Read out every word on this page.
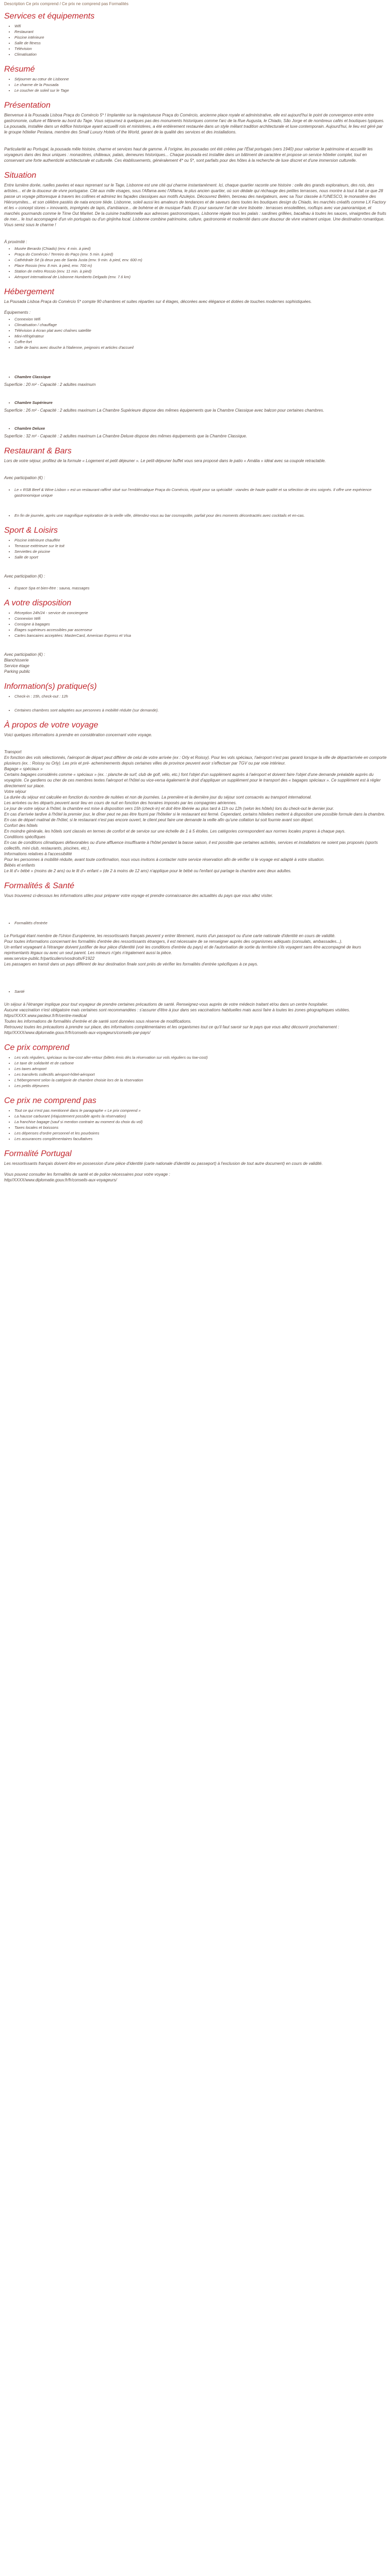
Description Ce prix comprend / Ce prix ne comprend pas Formalités
Services et équipements
• Wifi
• Restaurant
• Piscine intérieure
• Salle de fitness
• Télévision
• Climatisation
Résumé
• Séjourner au cœur de Lisbonne
• Le charme de la Pousada
• Le coucher de soleil sur le Tage
Présentation

Bienvenue à la Pousada Lisboa Praça do Comércio 5* ! Implantée sur la majestueuse Praça do Comércio, ancienne place royale et administrative, elle est aujourd'hui le point de convergence entre entre gastronomie, culture et flânerie au bord du Tage. Vous séjournez à quelques pas des monuments historiques comme l'arc de la Rue Augusta, le Chiado, São Jorge et de nombreux cafés et boutiques typiques. La pousada, installée dans un édifice historique ayant accueilli rois et ministères, a été entièrement restaurée dans un style mêlant tradition architecturale et luxe contemporain. Aujourd'hui, le lieu est géré par le groupe hôtelier Pestana, membre des Small Luxury Hotels of the World, garant de la qualité des services et des installations.

Particularité au Portugal, la pousada mêle histoire, charme et services haut de gamme. À l'origine, les pousadas ont été créées par l'État portugais (vers 1940) pour valoriser le patrimoine et accueillir les voyageurs dans des lieux uniques : monastères, châteaux, palais, demeures historiques... Chaque pousada est installée dans un bâtiment de caractère et propose un service hôtelier complet, tout en conservant une forte authenticité architecturale et culturelle. Ces établissements, généralement 4* ou 5*, sont parfaits pour des hôtes à la recherche de luxe discret et d'une immersion culturelle.

Situation

Entre lumière dorée, ruelles pavées et eaux reprenant sur le Tage, Lisbonne est une cité qui charme instantanément. Ici, chaque quartier raconte une histoire : celle des grands explorateurs, des rois, des artistes... et de la douceur de vivre portugaise. Cité aux mille visages, sous l'Alfama avec l'Alfama, le plus ancien quartier, où son dédale qui réchauge des petites terrasses, nous montre à tout à fait ce que 28 passe un voyage pittoresque à travers les collines et admirez les façades classiques aux motifs Azulejos. Découvrez Belém, berceau des navigateurs, avec sa Tour classée à l'UNESCO, le monastère des Hiéronymites... et son célèbre pastéis de nata encore tiède. Lisbonne, soleil aussi les amateurs de tendances et de saveurs dans toutes les boutiques design du Chiado, les marchés créatifs comme LX Factory et les « concept stores » innovants, imprégnés de tapis, d'ambiance... de bohème et de musique Fado. Et pour savourer l'art de vivre lisboète : terrasses ensoleillées, rooftops avec vue panoramique, et marchés gourmands comme le Time Out Market. De la cuisine traditionnelle aux adresses gastronomiques, Lisbonne régale tous les palais : sardines grillées, bacalhau à toutes les sauces, vinaigrettes de fruits de mer... le tout accompagné d'un vin portugais ou d'un ginjinha local. Lisbonne combine patrimoine, culture, gastronomie et modernité dans une douceur de vivre vraiment unique. Une destination romantique. Vous serez sous le charme !

À proximité :
• Musée Berardo (Chiado) (env. 4 min. à pied)
• Praça do Comércio / Terreiro do Paço (env. 5 min. à pied)
• Cathédrale Sé (à deux pas de Santa Justa (env. 9 min. à pied, env. 600 m)
• Place Rossio (env. 8 min. à pied, env. 700 m)
• Station de métro Rossio (env. 11 min. à pied)
• Aéroport international de Lisbonne Humberto Delgado (env. 7.6 km)
Hébergement

La Pousada Lisboa Praça do Comércio 5* compte 90 chambres et suites réparties sur 4 étages, décorées avec élégance et dotées de touches modernes sophistiquées.

Équipements :
• Connexion Wifi
• Climatisation / chauffage
• Télévision à écran plat avec chaînes satellite
• Mini-réfrigérateur
• Coffre-fort
• Salle de bains avec douche à l'italienne, peignoirs et articles d'accueil
• Chambre Classique

Superficie : 20 m² - Capacité : 2 adultes maximum

• Chambre Supérieure

Superficie : 26 m² - Capacité : 2 adultes maximum La Chambre Supérieure dispose des mêmes équipements que la Chambre Classique avec balcon pour certaines chambres.

• Chambre Deluxe

Superficie : 32 m² - Capacité : 2 adultes maximum La Chambre Deluxe dispose des mêmes équipements que la Chambre Classique.

Restaurant & Bars

Lors de votre séjour, profitez de la formule « Logement et petit déjeuner ». Le petit-déjeuner buffet vous sera proposé dans le patio « Amália » idéal avec sa coupole retractable.

Avec participation (€) :
• Le « RSB Beef & Wine Lisbon » est un restaurant raffiné situé sur l'emblématique Praça do Comércio, réputé pour sa spécialité : viandes de haute qualité et sa sélection de vins soignés. Il offre une expérience gastronomique unique
• En fin de journée, après une magnifique exploration de la vieille ville, détendez-vous au bar cosmopolite, parfait pour des moments décontractés avec cocktails et en-cas.
Sport & Loisirs
• Piscine intérieure chauffée
• Terrasse extérieure sur le toit
• Serviettes de piscine
• Salle de sport
Avec participation (€) :
• Espace Spa et bien-être : sauna, massages
A votre disposition
• Réception 24h/24 - service de conciergerie
• Connexion Wifi
• Consigne à bagages
• Étages supérieurs accessibles par ascenseur
• Cartes bancaires acceptées: MasterCard, American Express et Visa
Avec participation (€) :
Blanchisserie
Service étage
Parking public
Information(s) pratique(s)
• Check-in : 15h, check-out : 12h
• Certaines chambres sont adaptées aux personnes à mobilité réduite (sur demande).
À propos de votre voyage

Voici quelques informations à prendre en considération concernant votre voyage.

Transport
En fonction des vols sélectionnés, l'aéroport de départ peut différer de celui de votre arrivée (ex : Orly et Roissy). Pour les vols spéciaux, l'aéroport n'est pas garanti lorsque la ville de départ/arrivée en comporte plusieurs (ex. : Roissy ou Orly). Les prix et pré- acheminements depuis certaines villes de province peuvent avoir s'effectuer par TGV ou par voie intérieur.
Bagage « spéciaux »
Certains bagages considérés comme « spéciaux » (ex. : planche de surf, club de golf, vélo, etc.) font l'objet d'un supplément auprès à l'aéroport et doivent faire l'objet d'une demande préalable auprès du voyagiste. Ce gardiens ou cher de ces membres textes l'aéroport et l'hôtel ou vice-versa également le droit d'appliquer un supplément pour le transport des « bagages spéciaux ». Ce supplément est à régler directement sur place.
Votre séjour
La durée du séjour est calculée en fonction du nombre de nuitées et non de journées. La première et la dernière jour du séjour sont consacrés au transport international.
Les arrivées ou les départs peuvent avoir lieu en cours de nuit en fonction des horaires imposés par les compagnies aériennes.
Le jour de votre séjour à l'hôtel, la chambre est mise à disposition vers 15h (check-in) et doit être libérée au plus tard à 11h ou 12h (selon les hôtels) lors du check-out le dernier jour.
En cas d'arrivée tardive à l'hôtel la premier jour, le dîner peut ne pas être fourni par l'hôtelier si le restaurant est fermé. Cependant, certains hôteliers mettent à disposition une possible formule dans la chambre. En cas de départ matinal de l'hôtel, si le restaurant n'est pas encore ouvert, le client peut faire une demande la veille afin qu'une collation lui soit fournie avant son départ.
Confort des hôtels
En moindre générale, les hôtels sont classés en termes de confort et de service sur une échelle de 1 à 5 étoiles. Les catégories correspondent aux normes locales propres à chaque pays.
Conditions spécifiques
En cas de conditions climatiques défavorables ou d'une affluence insuffisante à l'hôtel pendant la basse saison, il est possible que certaines activités, services et installations ne soient pas proposés (sports collectifs, mini club, restaurants, piscines, etc.).
Informations relatives à l'accessibilité
Pour les personnes à mobilité réduite, avant toute confirmation, nous vous invitons à contacter notre service réservation afin de vérifier si le voyage est adapté à votre situation.
Bébés et enfants
Le lit d'« bébé » (moins de 2 ans) ou le lit d'« enfant » (de 2 à moins de 12 ans) n'applique pour le bébé ou l'enfant qui partage la chambre avec deux adultes.
Formalités & Santé

Vous trouverez ci-dessous les informations utiles pour préparer votre voyage et prendre connaissance des actualités du pays que vous allez visiter.

• Formalités d'entrée
Le Portugal étant membre de l'Union Européenne, les ressortissants français peuvent y entrer librement, munis d'un passeport ou d'une carte nationale d'identité en cours de validité.
Pour toutes informations concernant les formalités d'entrée des ressortissants étrangers, il est nécessaire de se renseigner auprès des organismes adéquats (consulats, ambassades...).
Un enfant voyageant à l'étranger doivent justifier de leur pièce d'identité (voir les conditions d'entrée du pays) et de l'autorisation de sortie du territoire s'ils voyagent sans être accompagné de leurs représentants légaux ou avec un seul parent. Les mineurs n'gés n'également aussi la pièce.
www.service-public.fr/particuliers/vosdroits/F1922
Les passagers en transit dans un pays différent de leur destination finale sont priés de vérifier les formalités d'entrée spécifiques à ce pays.
• Santé
Un séjour à l'étranger implique pour tout voyageur de prendre certaines précautions de santé. Renseignez-vous auprès de votre médecin traitant et/ou dans un centre hospitalier.
Aucune vaccination n'est obligatoire mais certaines sont recommandées : s'assurer d'être à jour dans ses vaccinations habituelles mais aussi faire à toutes les zones géographiques visitées.
https//XXXX.www.pasteur.fr/fr/centre-medical
Toutes les informations de formalités d'entrée et de santé sont données sous réserve de modifications.
Retrouvez toutes les précautions à prendre sur place, des informations complémentaires et les organismes tout ce qu'il faut savoir sur le pays que vous allez découvrir prochainement :
http//XXXX/www.diplomatie.gouv.fr/fr/conseils-aux-voyageurs/conseils-par-pays/
Ce prix comprend
• Les vols réguliers, spéciaux ou low-cost aller-retour (billets émis dès la réservation sur vols réguliers ou low-cost)
• Le taxe de solidarité et de carbone
• Les taxes aéroport
• Les transferts collectifs aéroport-hôtel-aéroport
• L'hébergement selon la catégorie de chambre choisie lors de la réservation
• Les petits déjeuners
Ce prix ne comprend pas
• Tout ce qui n'est pas mentionné dans le paragraphe « Le prix comprend »
• La hausse carburant (réajustement possible après la réservation)
• La franchise bagage (sauf si mention contraire au moment du choix du vol)
• Taxes locales et boissons
• Les dépenses d'ordre personnel et les pourboires
• Les assurances complémentaires facultatives
Formalité Portugal
Les ressortissants français doivent être en possession d'une pièce d'identité (carte nationale d'identité ou passeport) à l'exclusion de tout autre document) en cours de validité.
Vous pouvez consulter les formalités de santé et de police nécessaires pour votre voyage :
http//XXXX/www.diplomatie.gouv.fr/fr/conseils-aux-voyageurs/
